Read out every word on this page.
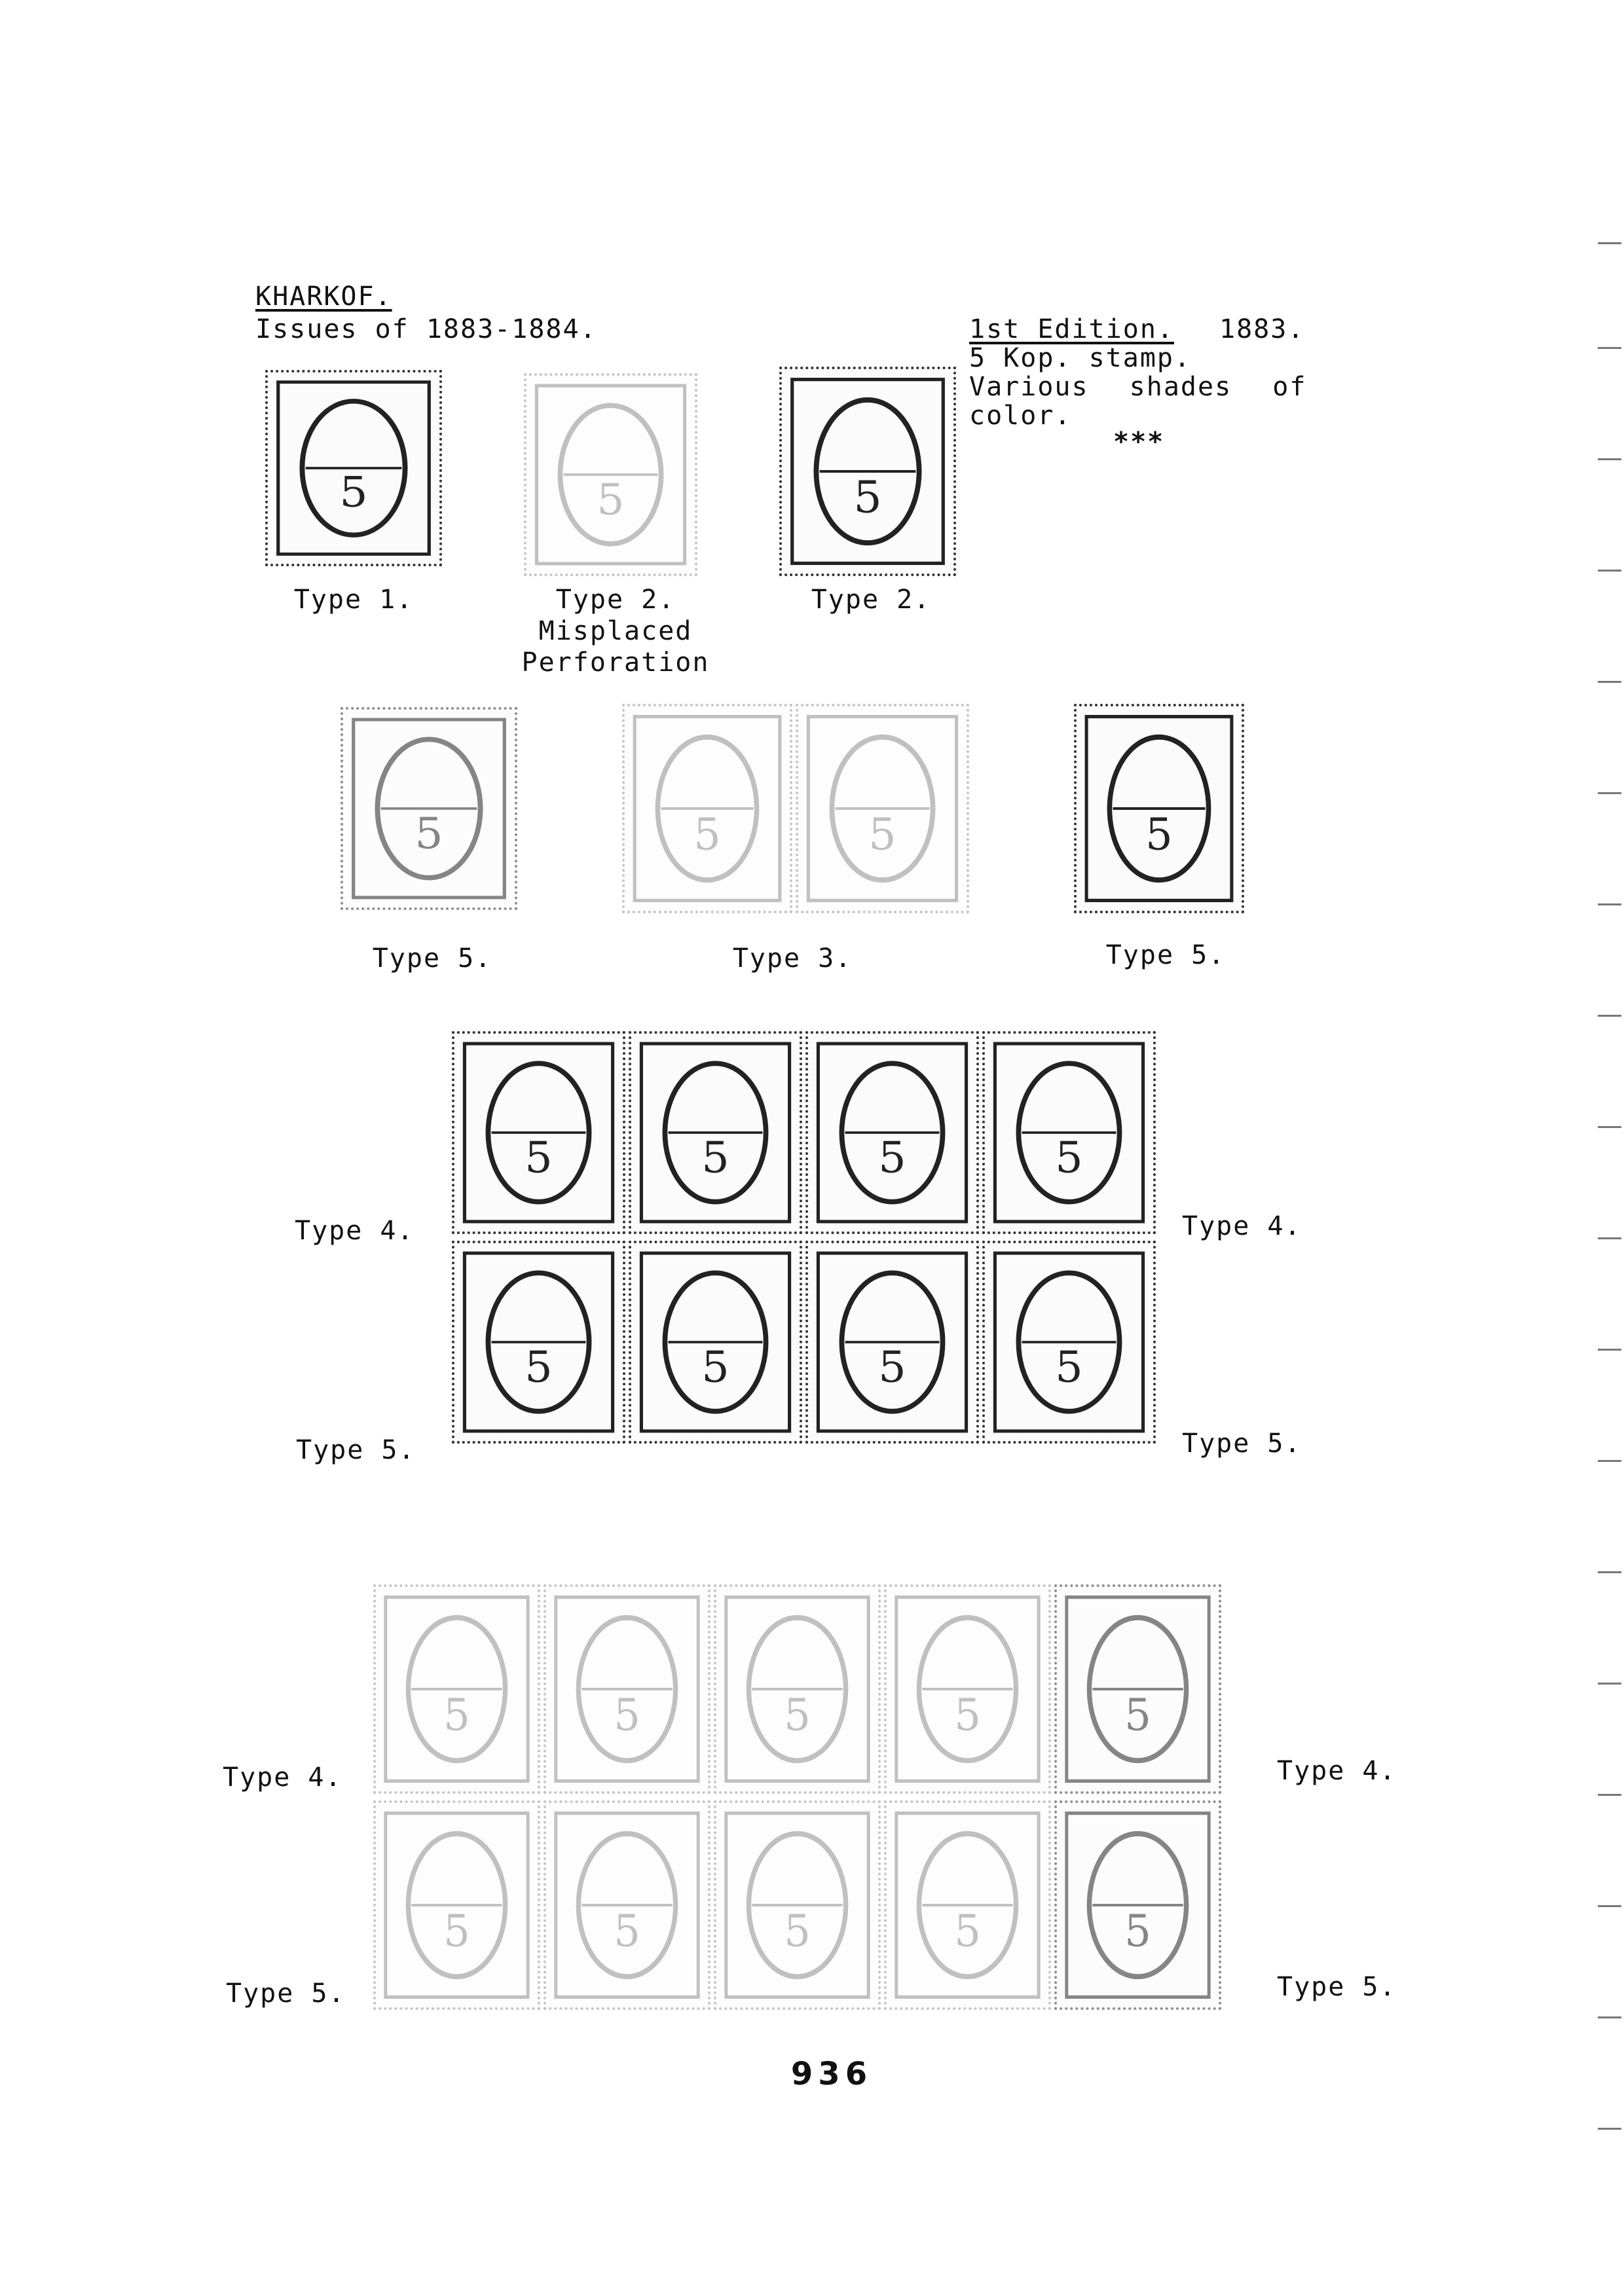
KHARKOF.
Issues of 1883-1884.	1st Edition. 1883.
5 Kop. stamp.
Various shades of
color.
***
5	5	5
Type 1.	Type 2.
Misplaced
Perforation
Type 2.
5	5	5	5
Type 5.	Type 3.	Type 5.
5	5	5	5
5	5	5	5
Type 4.
Type 5.
Type 4.
Type 5.
5	5	5	5	5
5	5	5	5	5
Type 4.
Type 5.
Type 4.
Type 5.
936
